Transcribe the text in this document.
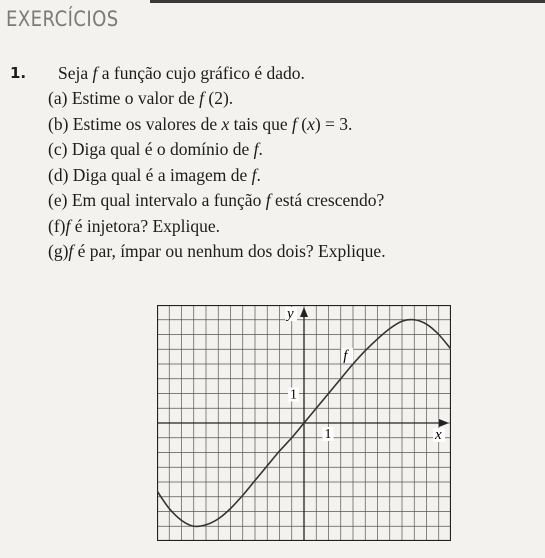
EXERCÍCIOS
1. Seja f a função cujo gráfico é dado.
(a) Estime o valor de f (2).
(b) Estime os valores de x tais que f (x) = 3.
(c) Diga qual é o domínio de f.
(d) Diga qual é a imagem de f.
(e) Em qual intervalo a função f está crescendo?
(f)f é injetora? Explique.
(g)f é par, ímpar ou nenhum dos dois? Explique.
y
x
f
1
1
